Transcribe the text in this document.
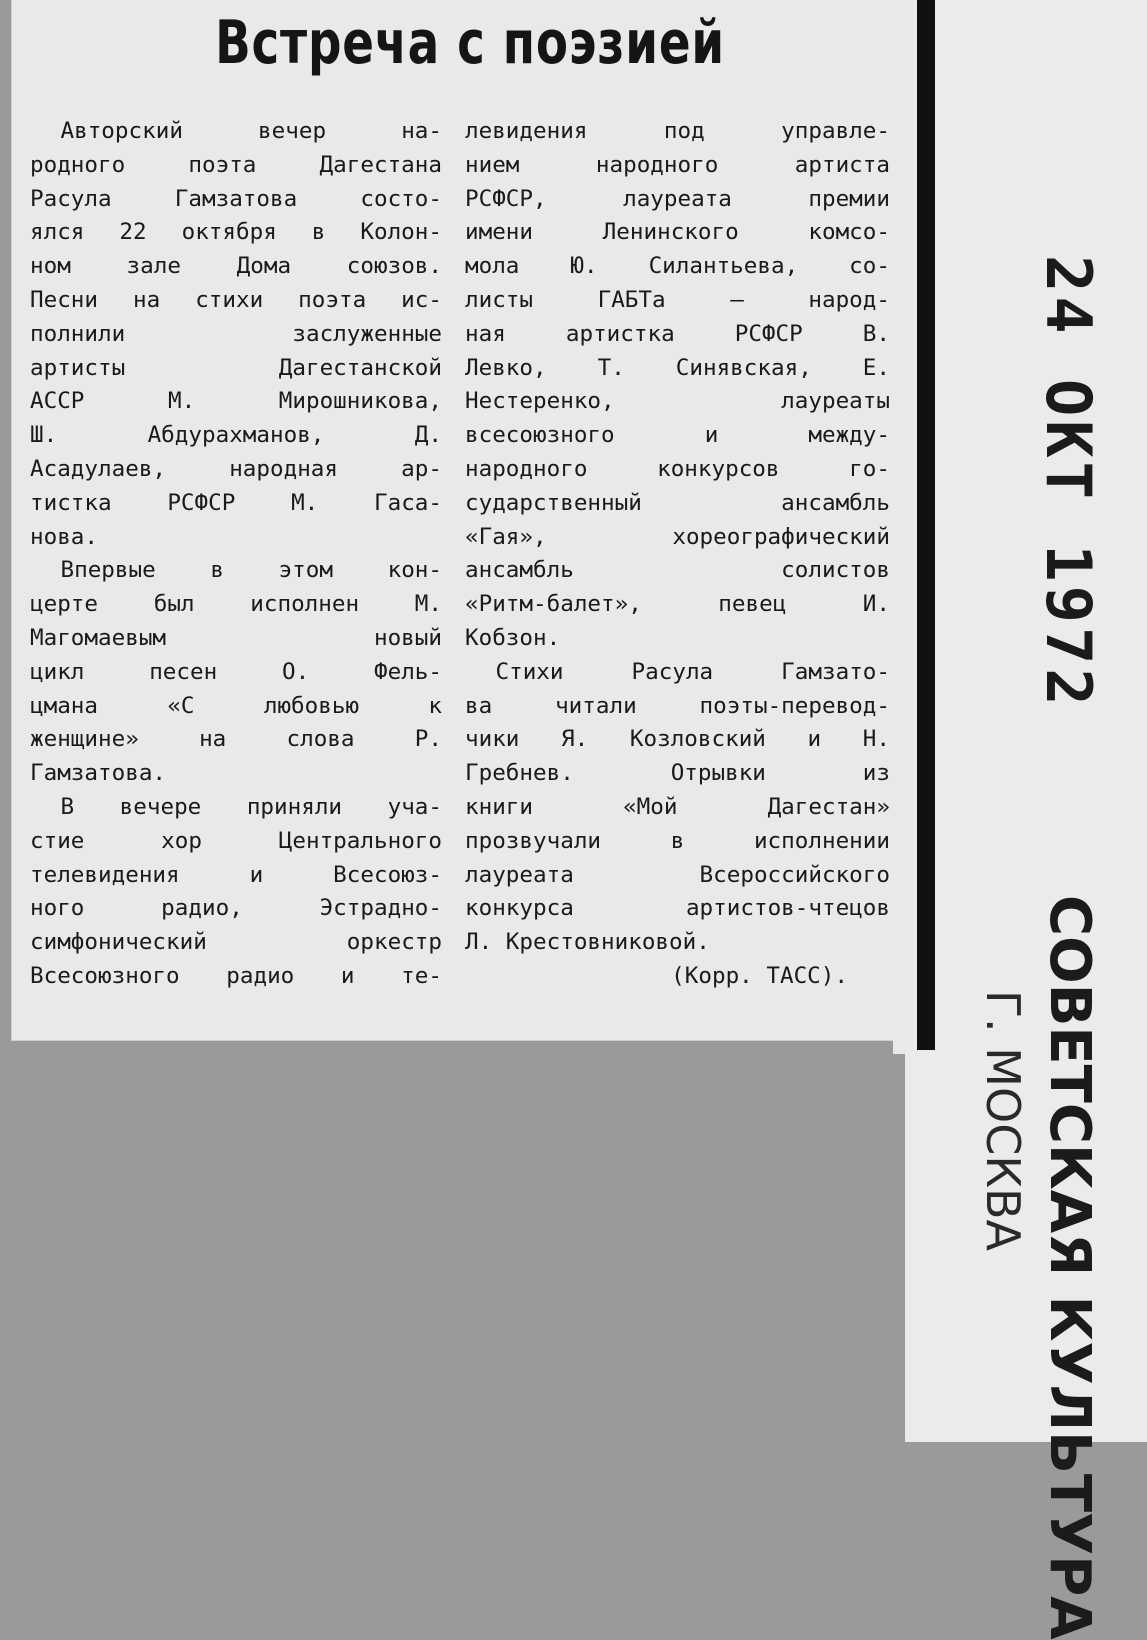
Встреча с поэзией
Авторский вечер на-
родного поэта Дагестана
Расула Гамзатова состо-
ялся 22 октября в Колон-
ном зале Дома союзов.
Песни на стихи поэта ис-
полнили заслуженные
артисты Дагестанской
АССР М. Мирошникова,
Ш. Абдурахманов, Д.
Асадулаев, народная ар-
тистка РСФСР М. Гаса-
нова.
Впервые в этом кон-
церте был исполнен М.
Магомаевым новый
цикл песен О. Фель-
цмана «С любовью к
женщине» на слова Р.
Гамзатова.
В вечере приняли уча-
стие хор Центрального
телевидения и Всесоюз-
ного радио, Эстрадно-
симфонический оркестр
Всесоюзного радио и те-
левидения под управле-
нием народного артиста
РСФСР, лауреата премии
имени Ленинского комсо-
мола Ю. Силантьева, со-
листы ГАБТа — народ-
ная артистка РСФСР В.
Левко, Т. Синявская, Е.
Нестеренко, лауреаты
всесоюзного и между-
народного конкурсов го-
сударственный ансамбль
«Гая», хореографический
ансамбль солистов
«Ритм-балет», певец И.
Кобзон.
Стихи Расула Гамзато-
ва читали поэты-перевод-
чики Я. Козловский и Н.
Гребнев. Отрывки из
книги «Мой Дагестан»
прозвучали в исполнении
лауреата Всероссийского
конкурса артистов-чтецов
Л. Крестовниковой.
(Корр. ТАСС).
24 ОКТ 1972
СОВЕТСКАЯ КУЛЬТУРА
Г. МОСКВА
